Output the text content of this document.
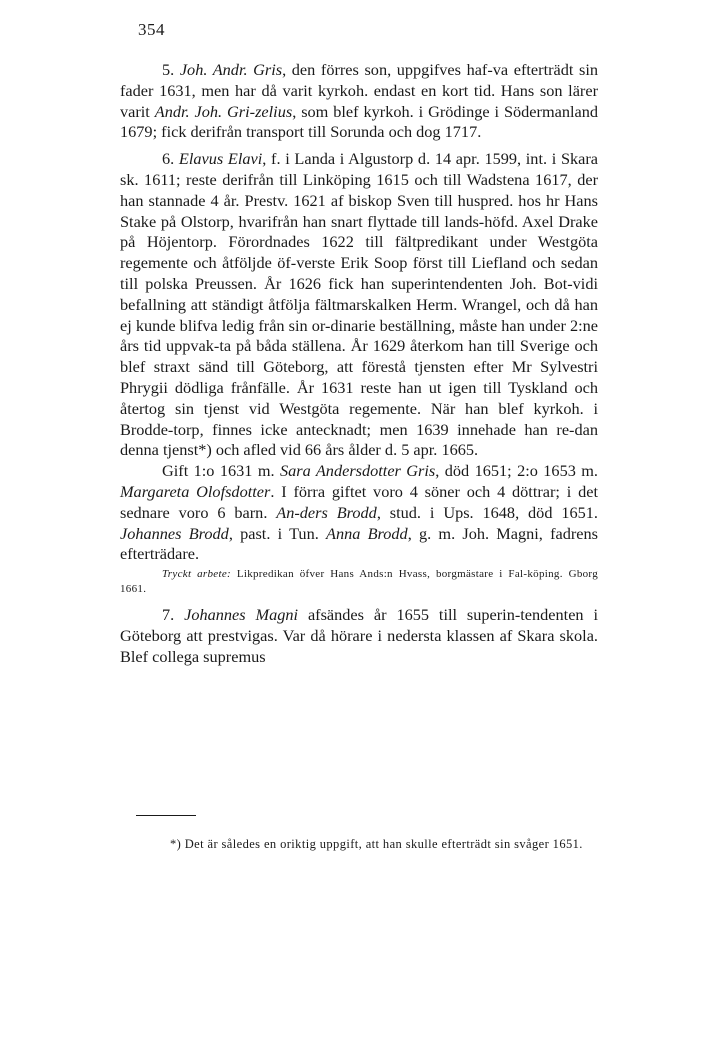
354

5. Joh. Andr. Gris, den förres son, uppgifves haf-va efterträdt sin fader 1631, men har då varit kyrkoh. endast en kort tid. Hans son lärer varit Andr. Joh. Gri-zelius, som blef kyrkoh. i Grödinge i Södermanland 1679; fick derifrån transport till Sorunda och dog 1717.

6. Elavus Elavi, f. i Landa i Algustorp d. 14 apr. 1599, int. i Skara sk. 1611; reste derifrån till Linköping 1615 och till Wadstena 1617, der han stannade 4 år. Prestv. 1621 af biskop Sven till huspred. hos hr Hans Stake på Olstorp, hvarifrån han snart flyttade till lands-höfd. Axel Drake på Höjentorp. Förordnades 1622 till fältpredikant under Westgöta regemente och åtföljde öf-verste Erik Soop först till Liefland och sedan till polska Preussen. År 1626 fick han superintendenten Joh. Bot-vidi befallning att ständigt åtfölja fältmarskalken Herm. Wrangel, och då han ej kunde blifva ledig från sin or-dinarie beställning, måste han under 2:ne års tid uppvak-ta på båda ställena. År 1629 återkom han till Sverige och blef straxt sänd till Göteborg, att förestå tjensten efter Mr Sylvestri Phrygii dödliga frånfälle. År 1631 reste han ut igen till Tyskland och återtog sin tjenst vid Westgöta regemente. När han blef kyrkoh. i Brodde-torp, finnes icke antecknadt; men 1639 innehade han re-dan denna tjenst*) och afled vid 66 års ålder d. 5 apr. 1665.

Gift 1:o 1631 m. Sara Andersdotter Gris, död 1651; 2:o 1653 m. Margareta Olofsdotter. I förra giftet voro 4 söner och 4 döttrar; i det sednare voro 6 barn. An-ders Brodd, stud. i Ups. 1648, död 1651. Johannes Brodd, past. i Tun. Anna Brodd, g. m. Joh. Magni, fadrens efterträdare.

Tryckt arbete: Likpredikan öfver Hans Ands:n Hvass, borgmästare i Fal-köping. Gborg 1661.

7. Johannes Magni afsändes år 1655 till superin-tendenten i Göteborg att prestvigas. Var då hörare i nedersta klassen af Skara skola. Blef collega supremus

*) Det är således en oriktig uppgift, att han skulle efterträdt sin svåger 1651.
